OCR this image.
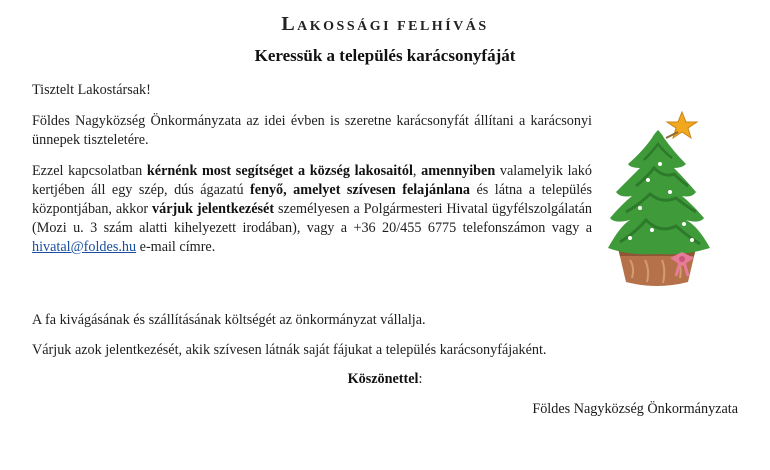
LAKOSSÁGI FELHÍVÁS
Keressük a település karácsonyfáját

Tisztelt Lakostársak!

Földes Nagyközség Önkormányzata az idei évben is szeretne karácsonyfát állítani a karácsonyi ünnepek tiszteletére.

Ezzel kapcsolatban kérnénk most segítséget a község lakosaitól, amennyiben valamelyik lakó kertjében áll egy szép, dús ágazatú fenyő, amelyet szívesen felajánlana és látna a település központjában, akkor várjuk jelentkezését személyesen a Polgármesteri Hivatal ügyfélszolgálatán (Mozi u. 3 szám alatti kihelyezett irodában), vagy a +36 20/455 6775 telefonszámon vagy a hivatal@foldes.hu e-mail címre.

A fa kivágásának és szállításának költségét az önkormányzat vállalja.

Várjuk azok jelentkezését, akik szívesen látnák saját fájukat a település karácsonyfájaként.

Köszönettel:
Földes Nagyközség Önkormányzata
